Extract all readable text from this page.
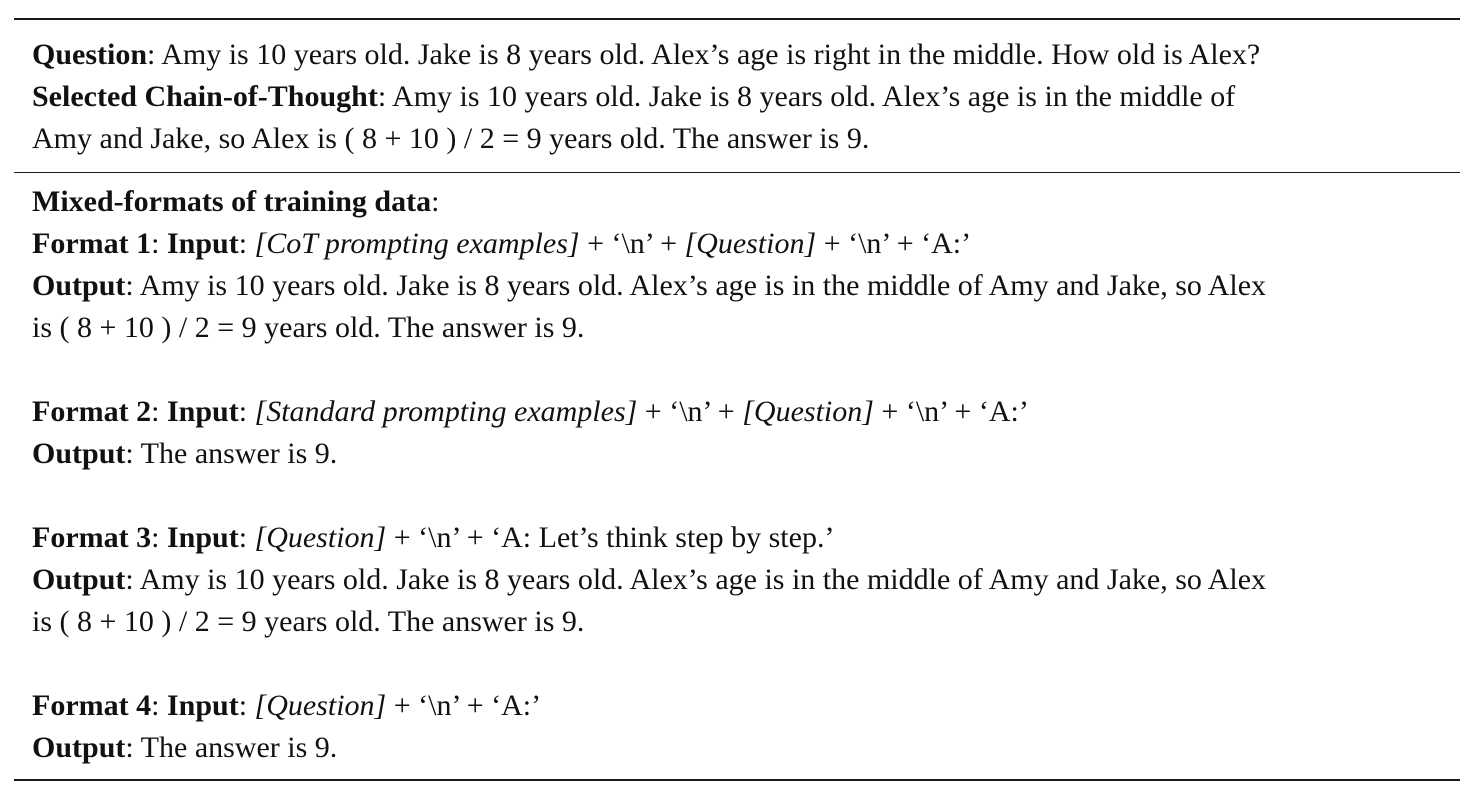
Question: Amy is 10 years old. Jake is 8 years old. Alex’s age is right in the middle. How old is Alex?
Selected Chain-of-Thought: Amy is 10 years old. Jake is 8 years old. Alex’s age is in the middle of
Amy and Jake, so Alex is ( 8 + 10 ) / 2 = 9 years old. The answer is 9.
Mixed-formats of training data:
Format 1: Input: [CoT prompting examples] + ‘\n’ + [Question] + ‘\n’ + ‘A:’
Output: Amy is 10 years old. Jake is 8 years old. Alex’s age is in the middle of Amy and Jake, so Alex
is ( 8 + 10 ) / 2 = 9 years old. The answer is 9.
Format 2: Input: [Standard prompting examples] + ‘\n’ + [Question] + ‘\n’ + ‘A:’
Output: The answer is 9.
Format 3: Input: [Question] + ‘\n’ + ‘A: Let’s think step by step.’
Output: Amy is 10 years old. Jake is 8 years old. Alex’s age is in the middle of Amy and Jake, so Alex
is ( 8 + 10 ) / 2 = 9 years old. The answer is 9.
Format 4: Input: [Question] + ‘\n’ + ‘A:’
Output: The answer is 9.
